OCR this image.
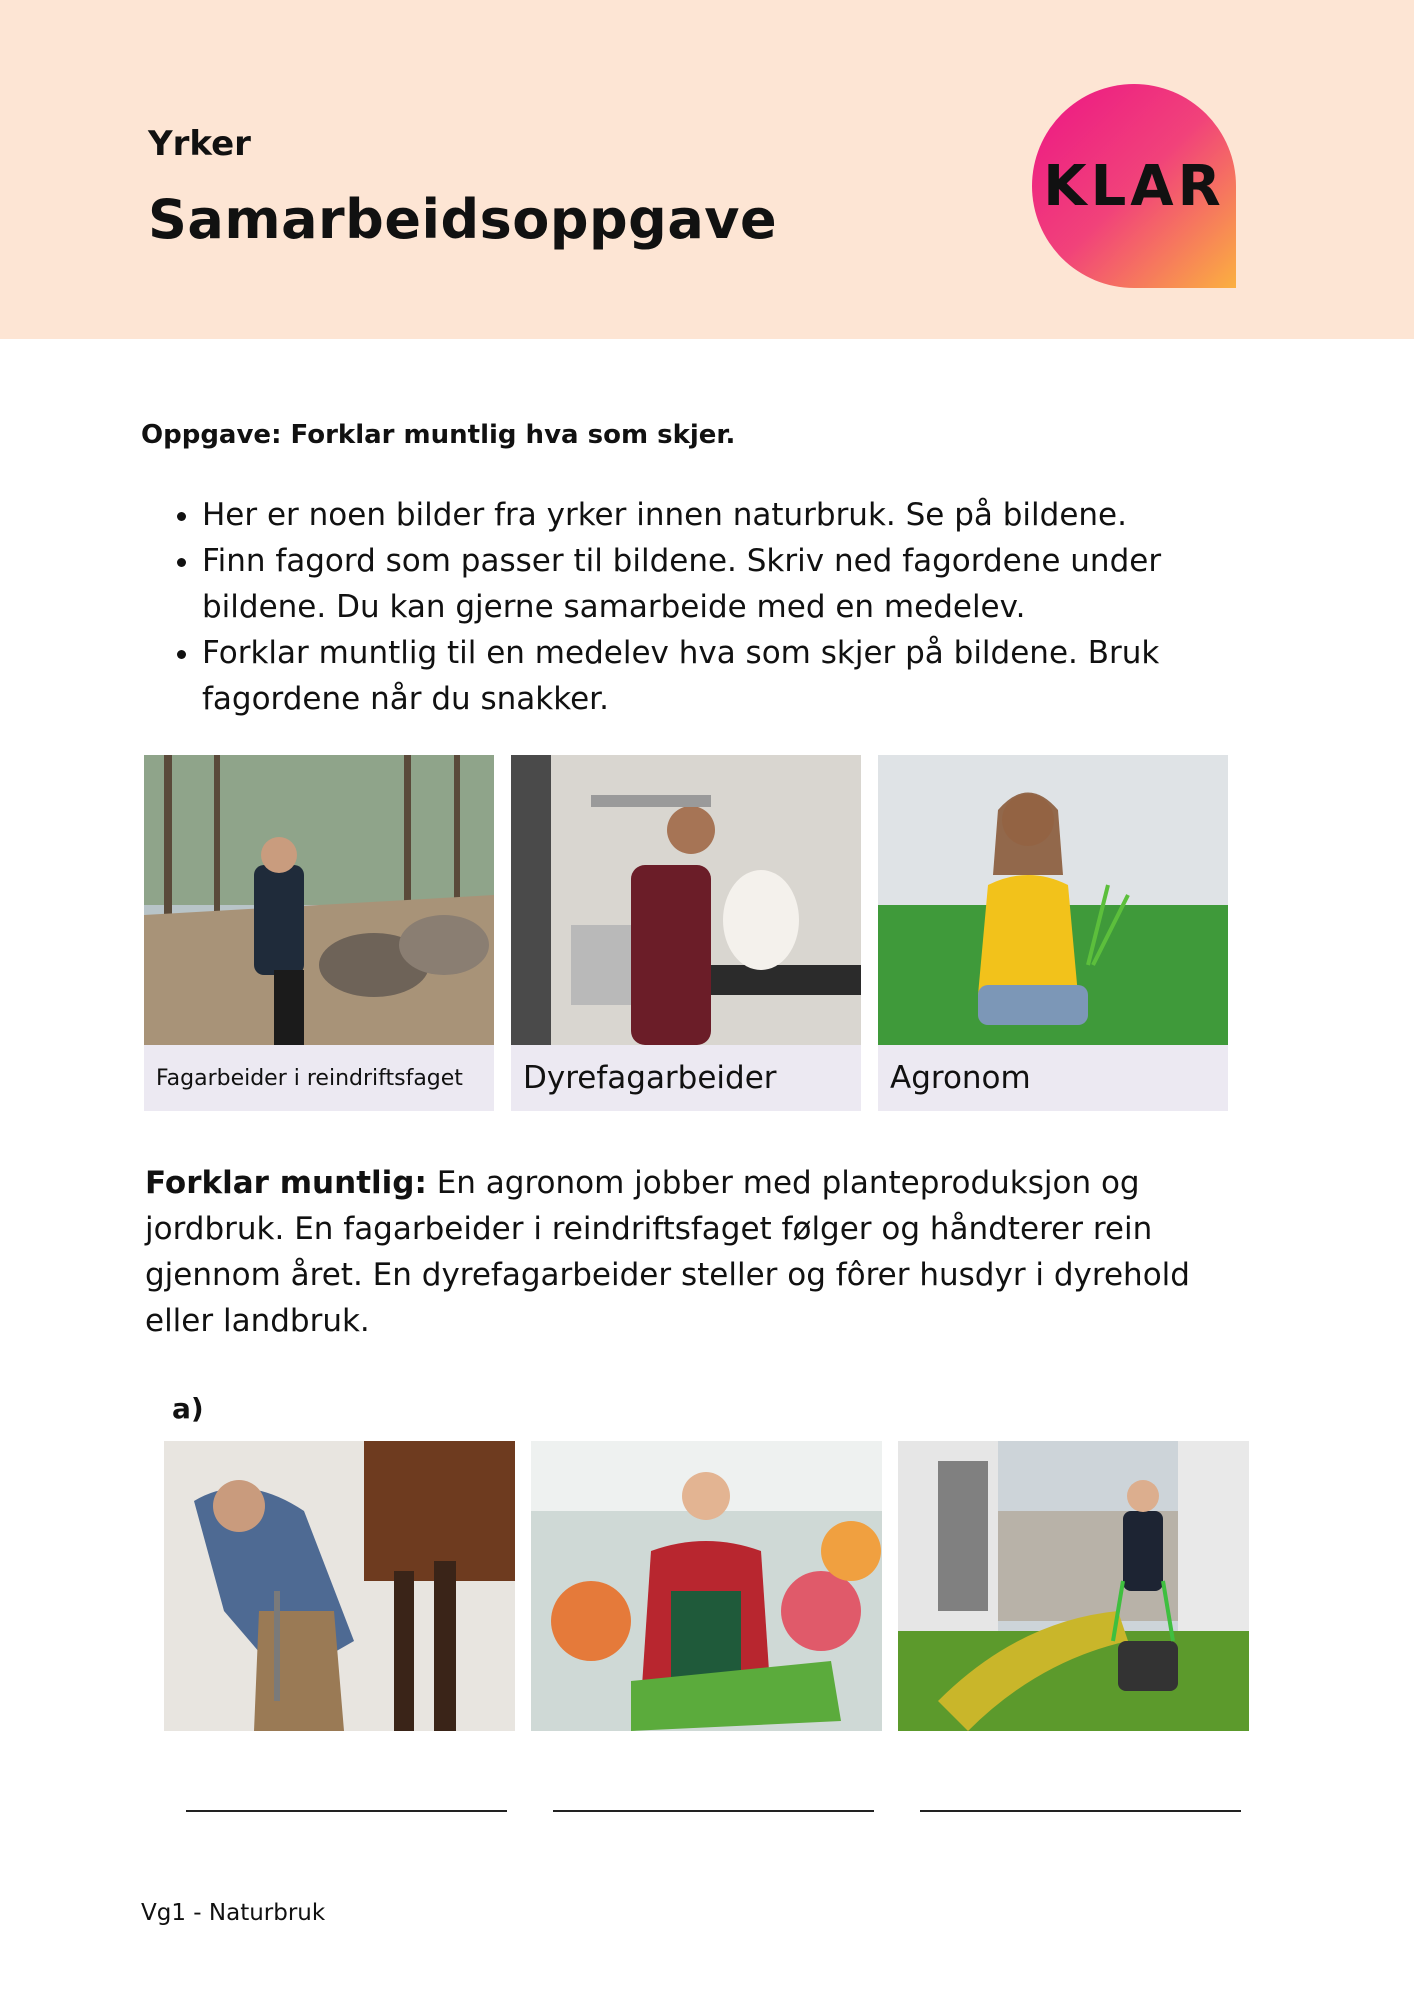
Yrker
Samarbeidsoppgave
KLAR
Oppgave: Forklar muntlig hva som skjer.
• Her er noen bilder fra yrker innen naturbruk. Se på bildene.
• Finn fagord som passer til bildene. Skriv ned fagordene under bildene. Du kan gjerne samarbeide med en medelev.
• Forklar muntlig til en medelev hva som skjer på bildene. Bruk fagordene når du snakker.
Fagarbeider i reindriftsfaget	Dyrefagarbeider	Agronom
Forklar muntlig: En agronom jobber med planteproduksjon og jordbruk. En fagarbeider i reindriftsfaget følger og håndterer rein gjennom året. En dyrefagarbeider steller og fôrer husdyr i dyrehold eller landbruk.
a)
Vg1 - Naturbruk
